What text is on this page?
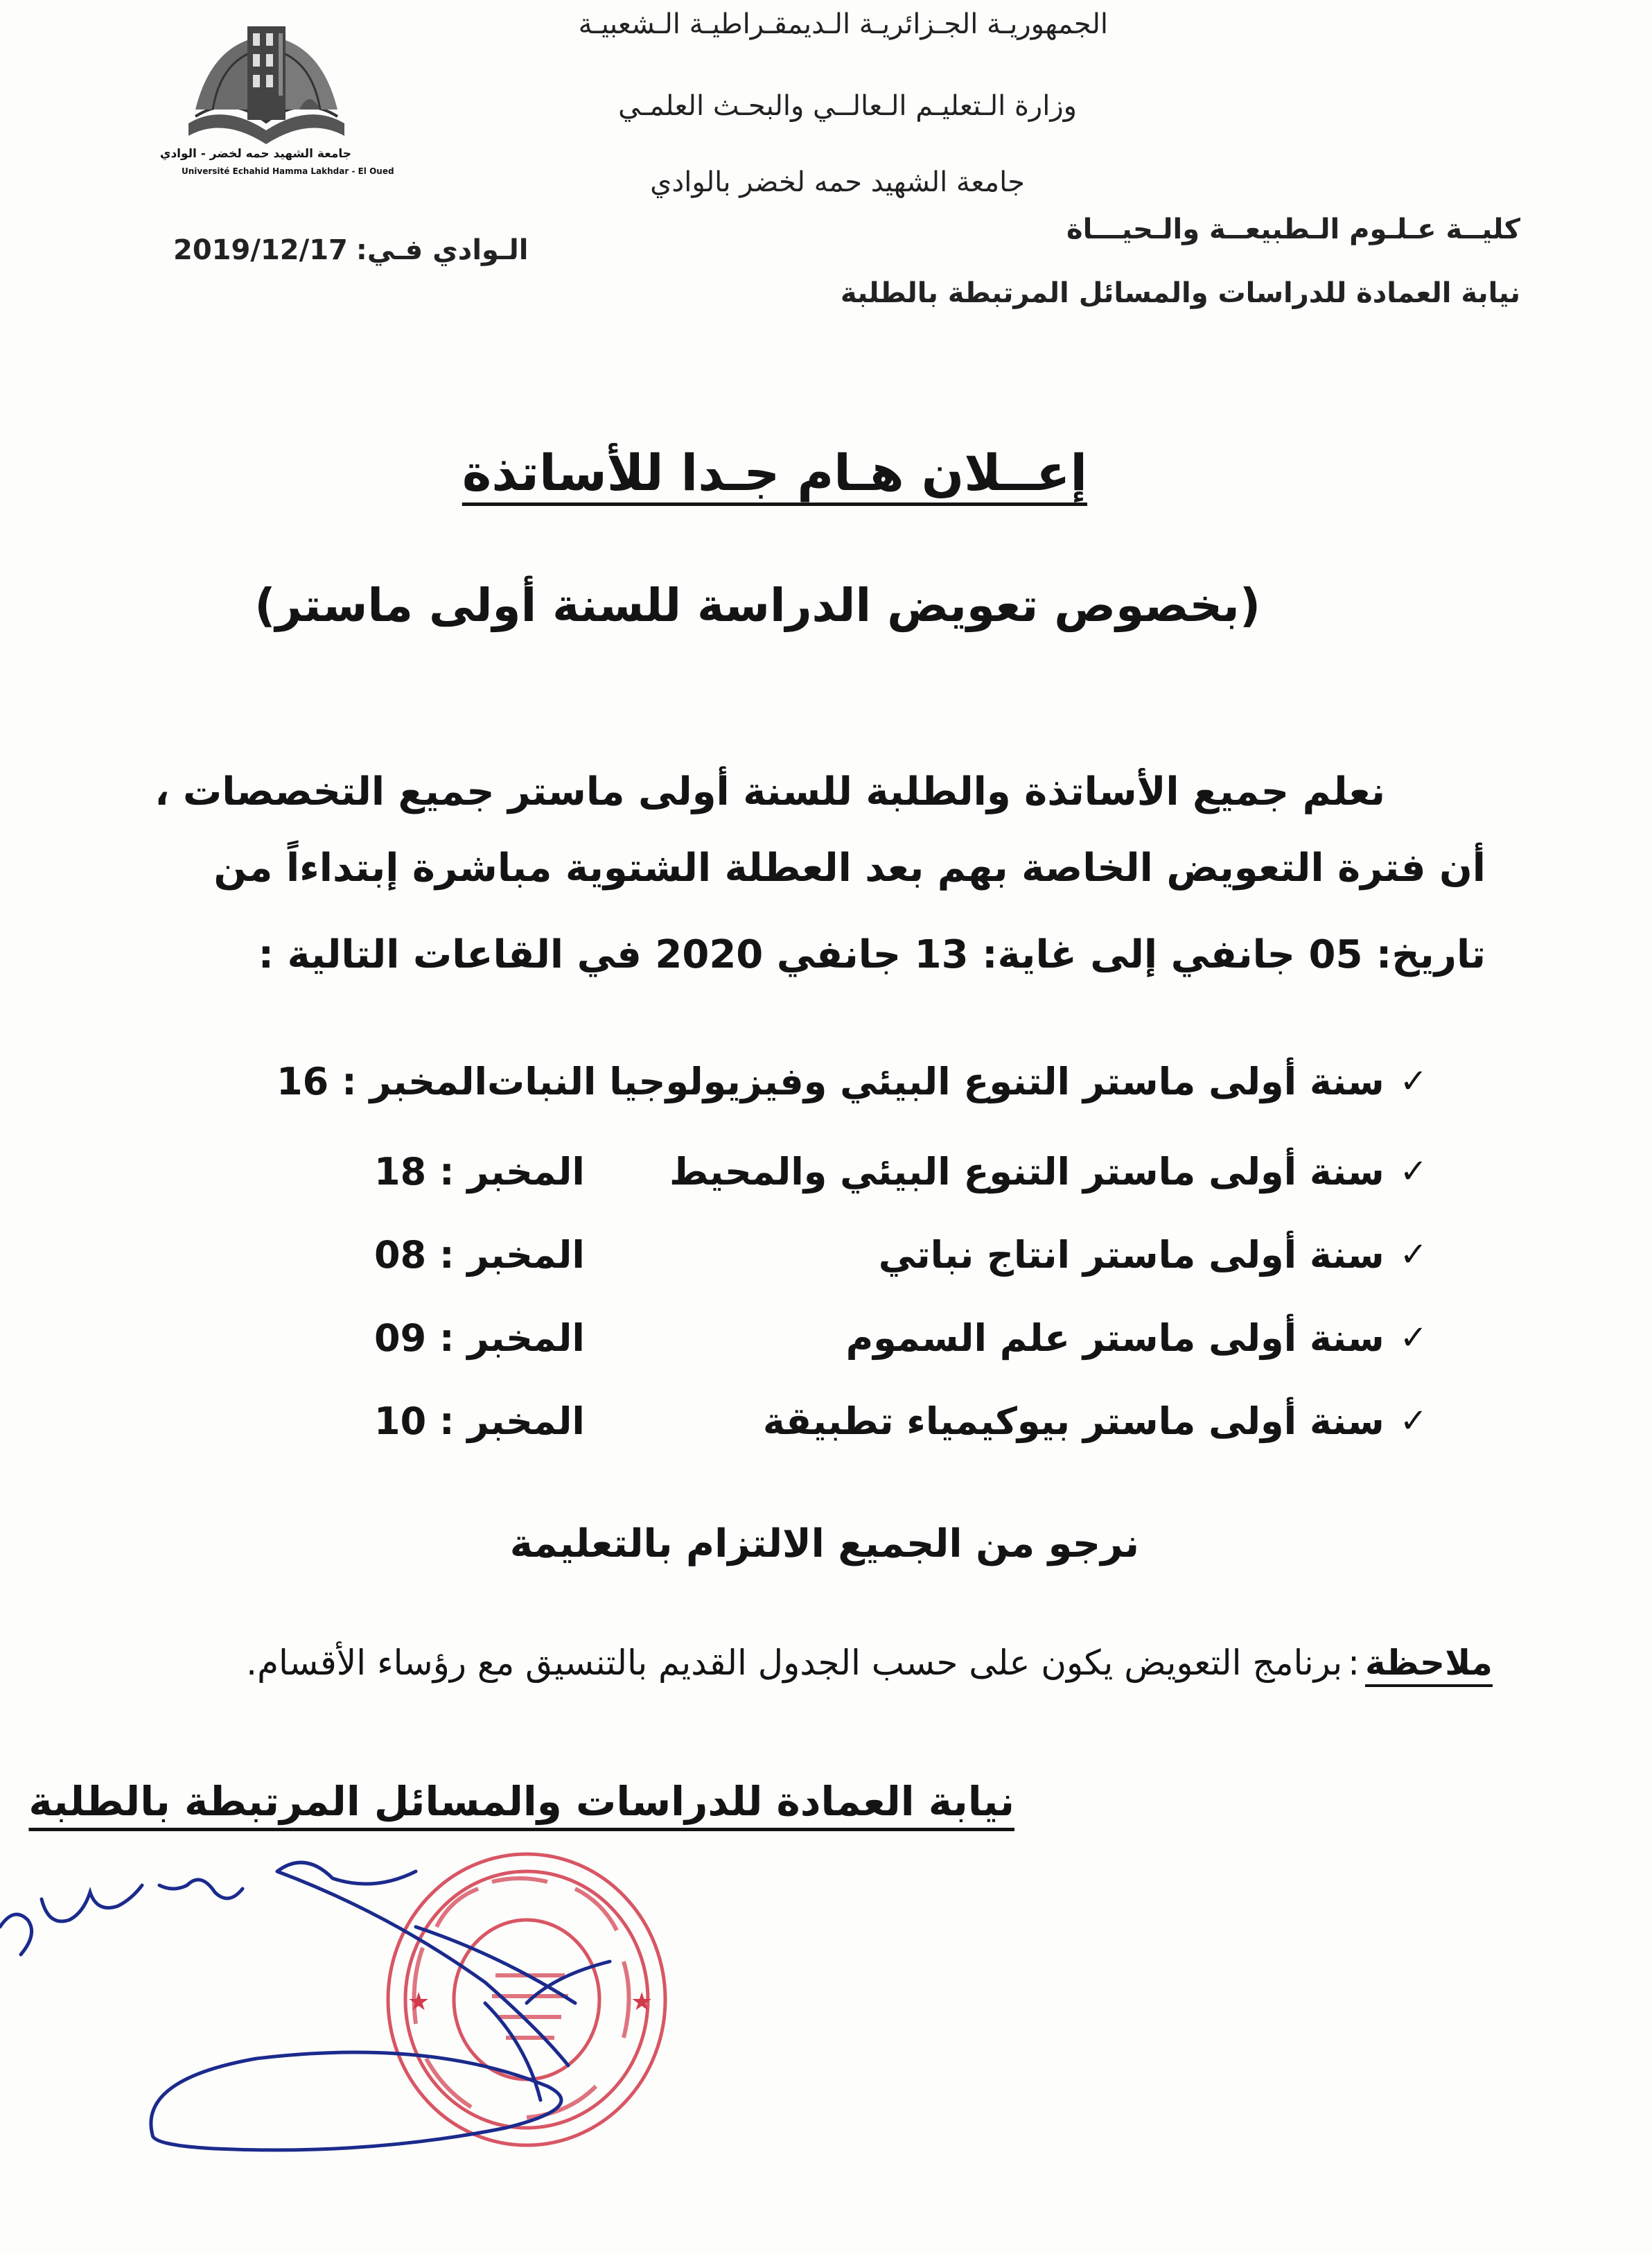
جامعة الشهيد حمه لخضر - الوادي
Université Echahid Hamma Lakhdar - El Oued
الجمهوريـة الجـزائريـة الـديمقـراطيـة الـشعبيـة
وزارة الـتعليـم الـعالــي والبحـث العلمـي
جامعة الشهيد حمه لخضر بالوادي
كليــة عـلـوم الـطبيعــة والـحيـــاة
نيابة العمادة للدراسات والمسائل المرتبطة بالطلبة
الـوادي فـي:
2019/12/17
إعــلان هـام جـدا للأساتذة
(بخصوص تعويض الدراسة للسنة أولى ماستر)
نعلم جميع الأساتذة والطلبة للسنة أولى ماستر جميع التخصصات ،
أن فترة التعويض الخاصة بهم بعد العطلة الشتوية مباشرة إبتداءاً من
تاريخ: 05 جانفي إلى غاية: 13 جانفي 2020 في القاعات التالية :
✓
سنة أولى ماستر التنوع البيئي وفيزيولوجيا النبات
المخبر : 16
✓
سنة أولى ماستر التنوع البيئي والمحيط
المخبر : 18
✓
سنة أولى ماستر انتاج نباتي
المخبر : 08
✓
سنة أولى ماستر علم السموم
المخبر : 09
✓
سنة أولى ماستر بيوكيمياء تطبيقة
المخبر : 10
نرجو من الجميع الالتزام بالتعليمة
ملاحظة
:
برنامج التعويض يكون على حسب الجدول القديم بالتنسيق مع رؤساء الأقسام.
نيابة العمادة للدراسات والمسائل المرتبطة بالطلبة
★	★
